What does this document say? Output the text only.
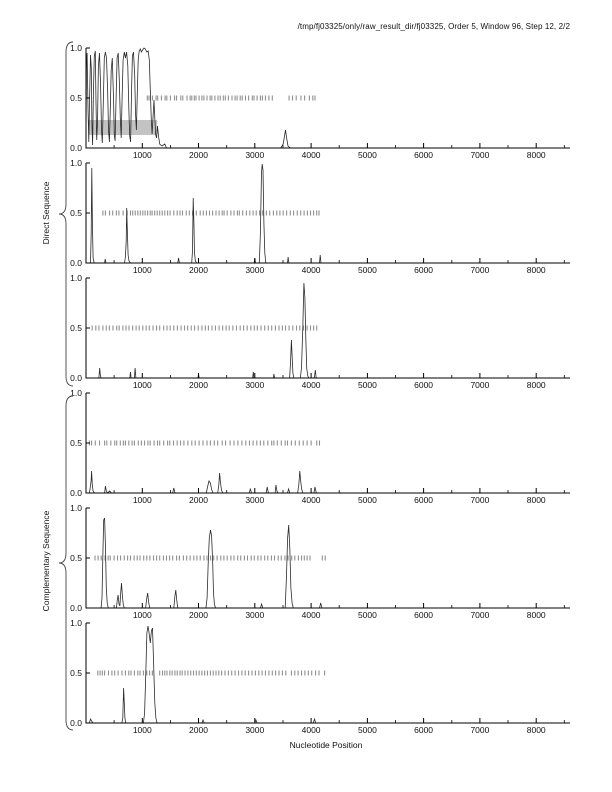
/tmp/fj03325/only/raw_result_dir/fj03325, Order 5, Window 96, Step 12, 2/2
Direct Sequence
Complementary Sequence
0.0
0.5
1.0
1000	2000	3000	4000	5000	6000	7000	8000
0.0
0.5
1.0
1000	2000	3000	4000	5000	6000	7000	8000
0.0
0.5
1.0
1000	2000	3000	4000	5000	6000	7000	8000
0.0
0.5
1.0
1000	2000	3000	4000	5000	6000	7000	8000
0.0
0.5
1.0
1000	2000	3000	4000	5000	6000	7000	8000
0.0
0.5
1.0
1000	2000	3000	4000	5000	6000	7000	8000
Nucleotide Position
